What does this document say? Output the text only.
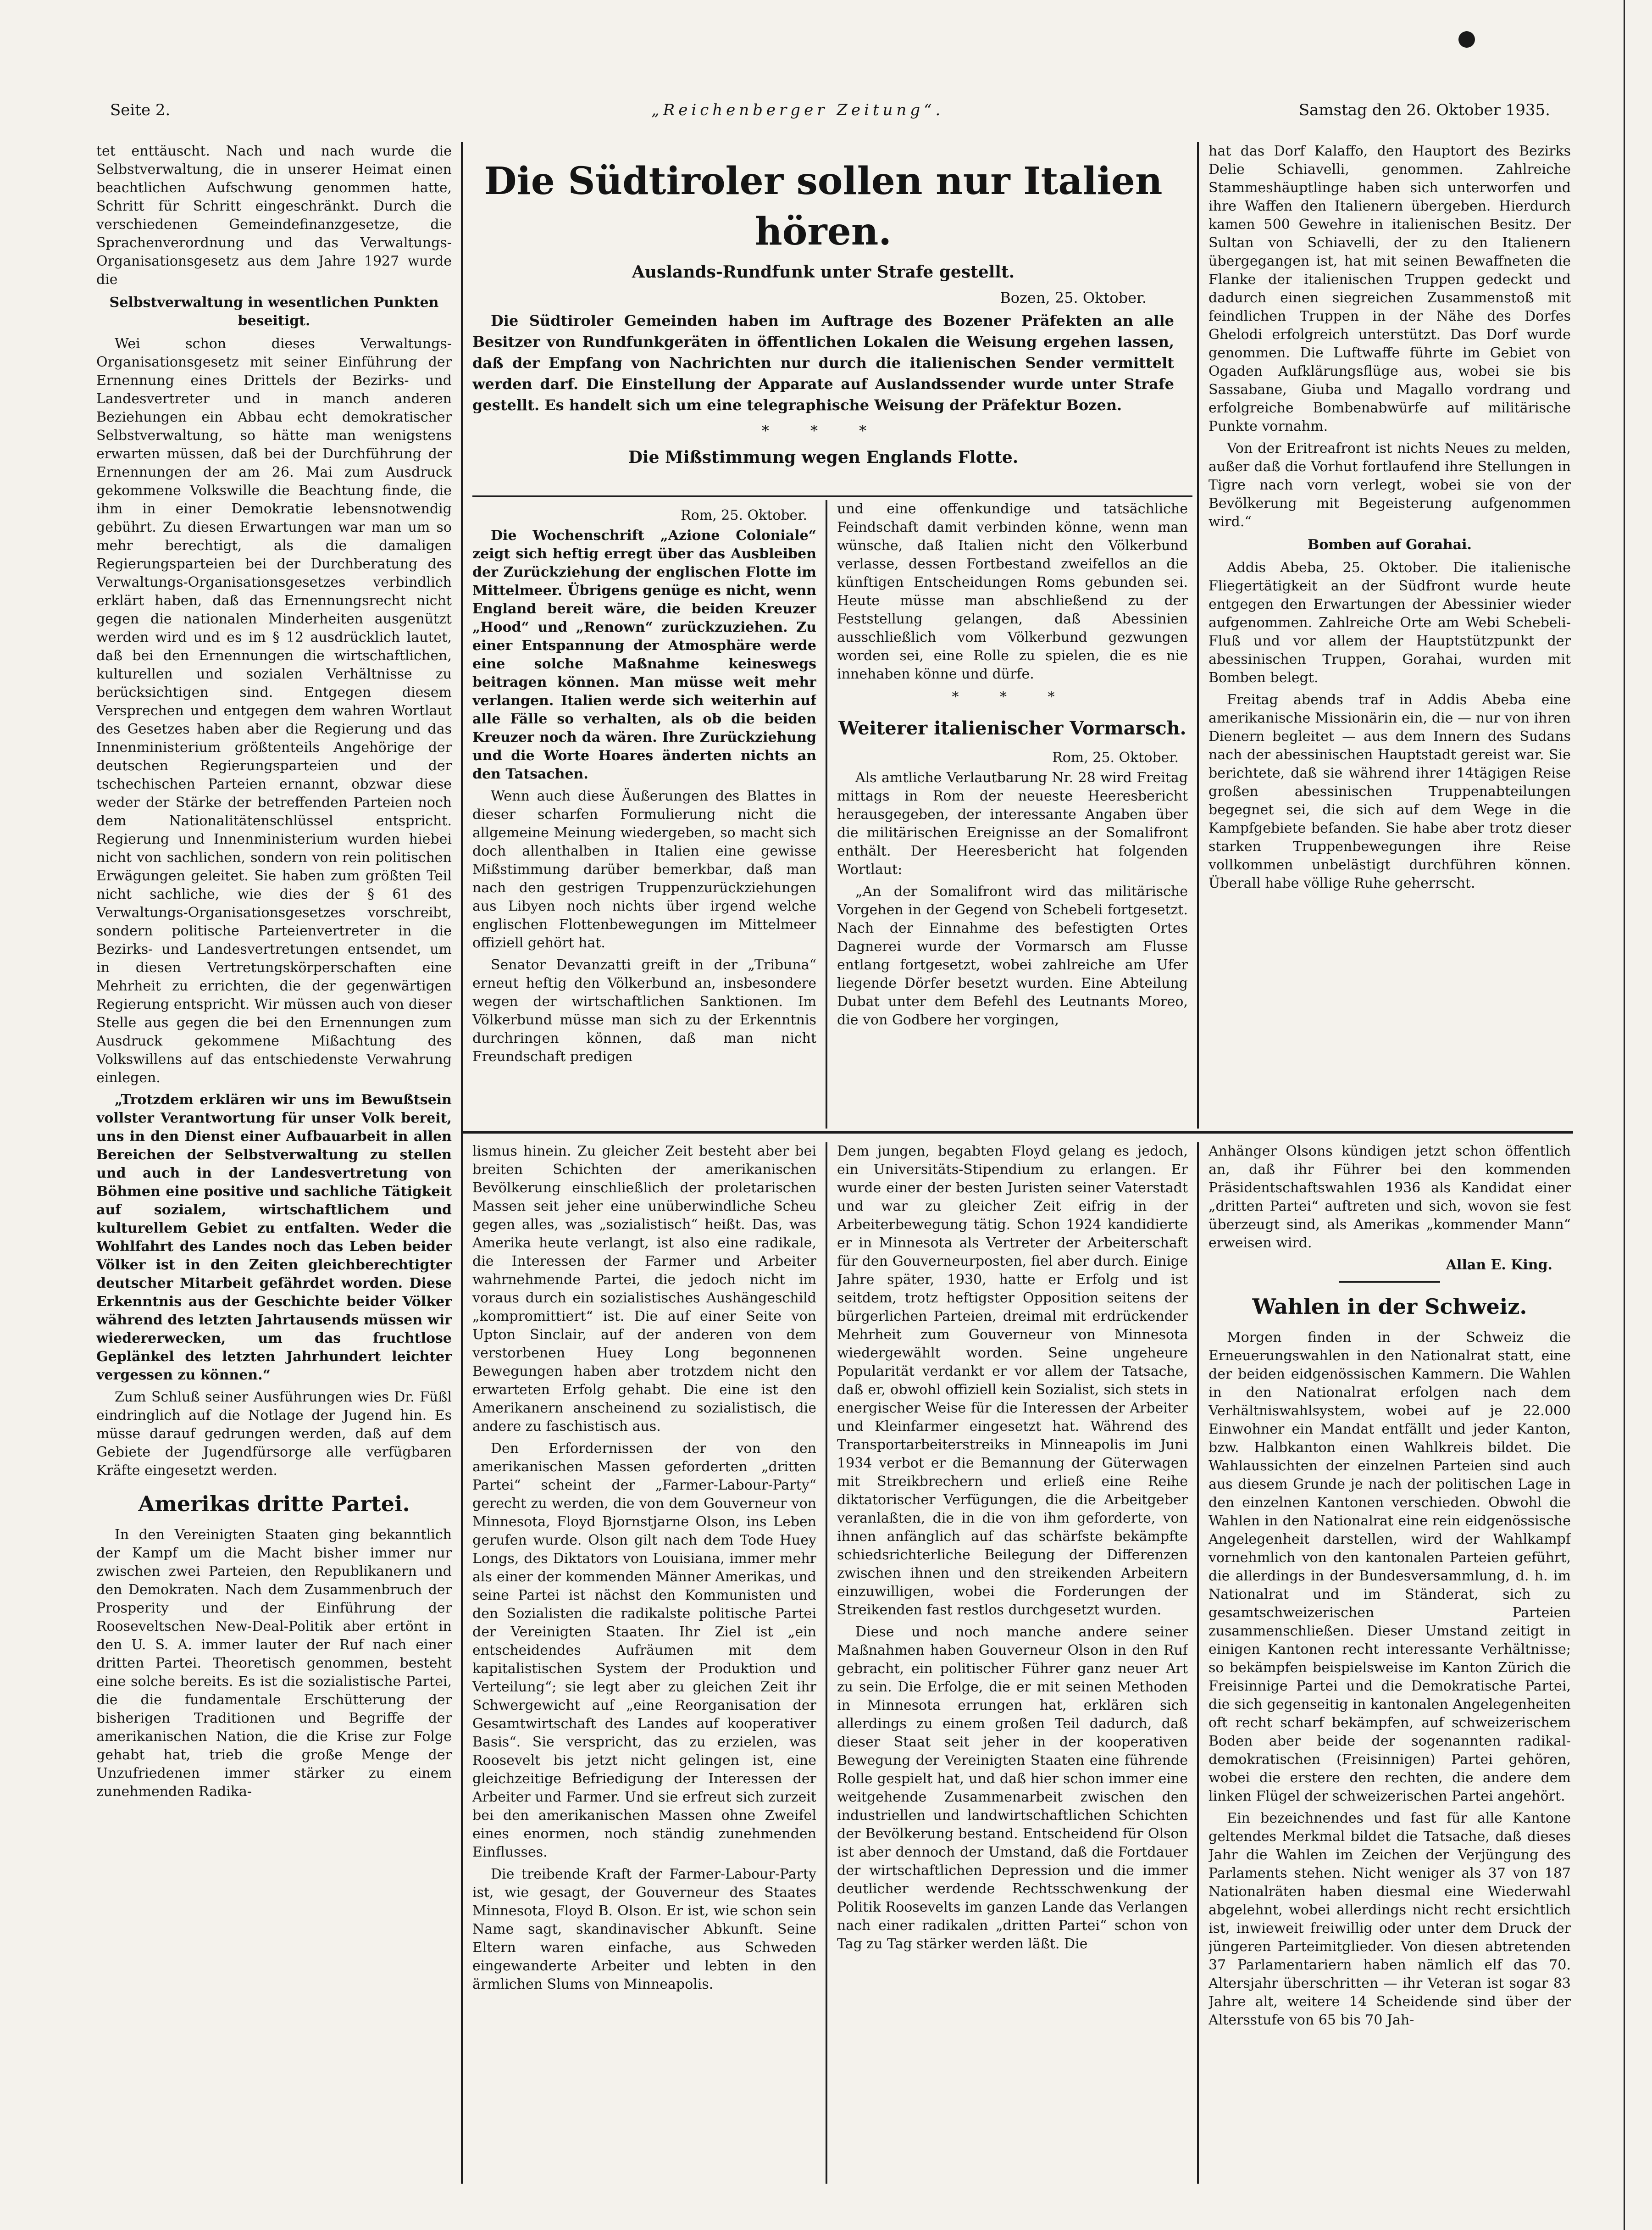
Seite 2.	„Reichenberger Zeitung“.	Samstag den 26. Oktober 1935.

tet enttäuscht. Nach und nach wurde die Selbstverwaltung, die in unserer Heimat einen beachtlichen Aufschwung genommen hatte, Schritt für Schritt eingeschränkt. Durch die verschiedenen Gemeindefinanzgesetze, die Sprachenverordnung und das Verwaltungs-Organisationsgesetz aus dem Jahre 1927 wurde die

Selbstverwaltung in wesentlichen Punkten beseitigt.

Wei schon dieses Verwaltungs-Organisationsgesetz mit seiner Einführung der Ernennung eines Drittels der Bezirks- und Landesvertreter und in manch anderen Beziehungen ein Abbau echt demokratischer Selbstverwaltung, so hätte man wenigstens erwarten müssen, daß bei der Durchführung der Ernennungen der am 26. Mai zum Ausdruck gekommene Volkswille die Beachtung finde, die ihm in einer Demokratie lebensnotwendig gebührt. Zu diesen Erwartungen war man um so mehr berechtigt, als die damaligen Regierungsparteien bei der Durchberatung des Verwaltungs-Organisationsgesetzes verbindlich erklärt haben, daß das Ernennungsrecht nicht gegen die nationalen Minderheiten ausgenützt werden wird und es im § 12 ausdrücklich lautet, daß bei den Ernennungen die wirtschaftlichen, kulturellen und sozialen Verhältnisse zu berücksichtigen sind. Entgegen diesem Versprechen und entgegen dem wahren Wortlaut des Gesetzes haben aber die Regierung und das Innenministerium größtenteils Angehörige der deutschen Regierungsparteien und der tschechischen Parteien ernannt, obzwar diese weder der Stärke der betreffenden Parteien noch dem Nationalitätenschlüssel entspricht. Regierung und Innenministerium wurden hiebei nicht von sachlichen, sondern von rein politischen Erwägungen geleitet. Sie haben zum größten Teil nicht sachliche, wie dies der § 61 des Verwaltungs-Organisationsgesetzes vorschreibt, sondern politische Parteienvertreter in die Bezirks- und Landesvertretungen entsendet, um in diesen Vertretungskörperschaften eine Mehrheit zu errichten, die der gegenwärtigen Regierung entspricht. Wir müssen auch von dieser Stelle aus gegen die bei den Ernennungen zum Ausdruck gekommene Mißachtung des Volkswillens auf das entschiedenste Verwahrung einlegen.

„Trotzdem erklären wir uns im Bewußtsein vollster Verantwortung für unser Volk bereit, uns in den Dienst einer Aufbauarbeit in allen Bereichen der Selbstverwaltung zu stellen und auch in der Landesvertretung von Böhmen eine positive und sachliche Tätigkeit auf sozialem, wirtschaftlichem und kulturellem Gebiet zu entfalten. Weder die Wohlfahrt des Landes noch das Leben beider Völker ist in den Zeiten gleichberechtigter deutscher Mitarbeit gefährdet worden. Diese Erkenntnis aus der Geschichte beider Völker während des letzten Jahrtausends müssen wir wiedererwecken, um das fruchtlose Geplänkel des letzten Jahrhundert leichter vergessen zu können.“

Zum Schluß seiner Ausführungen wies Dr. Füßl eindringlich auf die Notlage der Jugend hin. Es müsse darauf gedrungen werden, daß auf dem Gebiete der Jugendfürsorge alle verfügbaren Kräfte eingesetzt werden.

Amerikas dritte Partei.

In den Vereinigten Staaten ging bekanntlich der Kampf um die Macht bisher immer nur zwischen zwei Parteien, den Republikanern und den Demokraten. Nach dem Zusammenbruch der Prosperity und der Einführung der Rooseveltschen New-Deal-Politik aber ertönt in den U. S. A. immer lauter der Ruf nach einer dritten Partei. Theoretisch genommen, besteht eine solche bereits. Es ist die sozialistische Partei, die die fundamentale Erschütterung der bisherigen Traditionen und Begriffe der amerikanischen Nation, die die Krise zur Folge gehabt hat, trieb die große Menge der Unzufriedenen immer stärker zu einem zunehmenden Radika-

Die Südtiroler sollen nur Italien hören.
Auslands-Rundfunk unter Strafe gestellt.
Bozen, 25. Oktober.

Die Südtiroler Gemeinden haben im Auftrage des Bozener Präfekten an alle Besitzer von Rundfunkgeräten in öffentlichen Lokalen die Weisung ergehen lassen, daß der Empfang von Nachrichten nur durch die italienischen Sender vermittelt werden darf. Die Einstellung der Apparate auf Auslandssender wurde unter Strafe gestellt. Es handelt sich um eine telegraphische Weisung der Präfektur Bozen.

* * *
Die Mißstimmung wegen Englands Flotte.
Rom, 25. Oktober.

Die Wochenschrift „Azione Coloniale“ zeigt sich heftig erregt über das Ausbleiben der Zurückziehung der englischen Flotte im Mittelmeer. Übrigens genüge es nicht, wenn England bereit wäre, die beiden Kreuzer „Hood“ und „Renown“ zurückzuziehen. Zu einer Entspannung der Atmosphäre werde eine solche Maßnahme keineswegs beitragen können. Man müsse weit mehr verlangen. Italien werde sich weiterhin auf alle Fälle so verhalten, als ob die beiden Kreuzer noch da wären. Ihre Zurückziehung und die Worte Hoares änderten nichts an den Tatsachen.

Wenn auch diese Äußerungen des Blattes in dieser scharfen Formulierung nicht die allgemeine Meinung wiedergeben, so macht sich doch allenthalben in Italien eine gewisse Mißstimmung darüber bemerkbar, daß man nach den gestrigen Truppenzurückziehungen aus Libyen noch nichts über irgend welche englischen Flottenbewegungen im Mittelmeer offiziell gehört hat.

Senator Devanzatti greift in der „Tribuna“ erneut heftig den Völkerbund an, insbesondere wegen der wirtschaftlichen Sanktionen. Im Völkerbund müsse man sich zu der Erkenntnis durchringen können, daß man nicht Freundschaft predigen

und eine offenkundige und tatsächliche Feindschaft damit verbinden könne, wenn man wünsche, daß Italien nicht den Völkerbund verlasse, dessen Fortbestand zweifellos an die künftigen Entscheidungen Roms gebunden sei. Heute müsse man abschließend zu der Feststellung gelangen, daß Abessinien ausschließlich vom Völkerbund gezwungen worden sei, eine Rolle zu spielen, die es nie innehaben könne und dürfe.

* * *
Weiterer italienischer Vormarsch.
Rom, 25. Oktober.

Als amtliche Verlautbarung Nr. 28 wird Freitag mittags in Rom der neueste Heeresbericht herausgegeben, der interessante Angaben über die militärischen Ereignisse an der Somalifront enthält. Der Heeresbericht hat folgenden Wortlaut:

„An der Somalifront wird das militärische Vorgehen in der Gegend von Schebeli fortgesetzt. Nach der Einnahme des befestigten Ortes Dagnerei wurde der Vormarsch am Flusse entlang fortgesetzt, wobei zahlreiche am Ufer liegende Dörfer besetzt wurden. Eine Abteilung Dubat unter dem Befehl des Leutnants Moreo, die von Godbere her vorgingen,

hat das Dorf Kalaffo, den Hauptort des Bezirks Delie Schiavelli, genommen. Zahlreiche Stammeshäuptlinge haben sich unterworfen und ihre Waffen den Italienern übergeben. Hierdurch kamen 500 Gewehre in italienischen Besitz. Der Sultan von Schiavelli, der zu den Italienern übergegangen ist, hat mit seinen Bewaffneten die Flanke der italienischen Truppen gedeckt und dadurch einen siegreichen Zusammenstoß mit feindlichen Truppen in der Nähe des Dorfes Ghelodi erfolgreich unterstützt. Das Dorf wurde genommen. Die Luftwaffe führte im Gebiet von Ogaden Aufklärungsflüge aus, wobei sie bis Sassabane, Giuba und Magallo vordrang und erfolgreiche Bombenabwürfe auf militärische Punkte vornahm.

Von der Eritreafront ist nichts Neues zu melden, außer daß die Vorhut fortlaufend ihre Stellungen in Tigre nach vorn verlegt, wobei sie von der Bevölkerung mit Begeisterung aufgenommen wird.“

Bomben auf Gorahai.

Addis Abeba, 25. Oktober. Die italienische Fliegertätigkeit an der Südfront wurde heute entgegen den Erwartungen der Abessinier wieder aufgenommen. Zahlreiche Orte am Webi Schebeli-Fluß und vor allem der Hauptstützpunkt der abessinischen Truppen, Gorahai, wurden mit Bomben belegt.

Freitag abends traf in Addis Abeba eine amerikanische Missionärin ein, die — nur von ihren Dienern begleitet — aus dem Innern des Sudans nach der abessinischen Hauptstadt gereist war. Sie berichtete, daß sie während ihrer 14tägigen Reise großen abessinischen Truppenabteilungen begegnet sei, die sich auf dem Wege in die Kampfgebiete befanden. Sie habe aber trotz dieser starken Truppenbewegungen ihre Reise vollkommen unbelästigt durchführen können. Überall habe völlige Ruhe geherrscht.

lismus hinein. Zu gleicher Zeit besteht aber bei breiten Schichten der amerikanischen Bevölkerung einschließlich der proletarischen Massen seit jeher eine unüberwindliche Scheu gegen alles, was „sozialistisch“ heißt. Das, was Amerika heute verlangt, ist also eine radikale, die Interessen der Farmer und Arbeiter wahrnehmende Partei, die jedoch nicht im voraus durch ein sozialistisches Aushängeschild „kompromittiert“ ist. Die auf einer Seite von Upton Sinclair, auf der anderen von dem verstorbenen Huey Long begonnenen Bewegungen haben aber trotzdem nicht den erwarteten Erfolg gehabt. Die eine ist den Amerikanern anscheinend zu sozialistisch, die andere zu faschistisch aus.

Den Erfordernissen der von den amerikanischen Massen geforderten „dritten Partei“ scheint der „Farmer-Labour-Party“ gerecht zu werden, die von dem Gouverneur von Minnesota, Floyd Bjornstjarne Olson, ins Leben gerufen wurde. Olson gilt nach dem Tode Huey Longs, des Diktators von Louisiana, immer mehr als einer der kommenden Männer Amerikas, und seine Partei ist nächst den Kommunisten und den Sozialisten die radikalste politische Partei der Vereinigten Staaten. Ihr Ziel ist „ein entscheidendes Aufräumen mit dem kapitalistischen System der Produktion und Verteilung“; sie legt aber zu gleichen Zeit ihr Schwergewicht auf „eine Reorganisation der Gesamtwirtschaft des Landes auf kooperativer Basis“. Sie verspricht, das zu erzielen, was Roosevelt bis jetzt nicht gelingen ist, eine gleichzeitige Befriedigung der Interessen der Arbeiter und Farmer. Und sie erfreut sich zurzeit bei den amerikanischen Massen ohne Zweifel eines enormen, noch ständig zunehmenden Einflusses.

Die treibende Kraft der Farmer-Labour-Party ist, wie gesagt, der Gouverneur des Staates Minnesota, Floyd B. Olson. Er ist, wie schon sein Name sagt, skandinavischer Abkunft. Seine Eltern waren einfache, aus Schweden eingewanderte Arbeiter und lebten in den ärmlichen Slums von Minneapolis.

Dem jungen, begabten Floyd gelang es jedoch, ein Universitäts-Stipendium zu erlangen. Er wurde einer der besten Juristen seiner Vaterstadt und war zu gleicher Zeit eifrig in der Arbeiterbewegung tätig. Schon 1924 kandidierte er in Minnesota als Vertreter der Arbeiterschaft für den Gouverneurposten, fiel aber durch. Einige Jahre später, 1930, hatte er Erfolg und ist seitdem, trotz heftigster Opposition seitens der bürgerlichen Parteien, dreimal mit erdrückender Mehrheit zum Gouverneur von Minnesota wiedergewählt worden. Seine ungeheure Popularität verdankt er vor allem der Tatsache, daß er, obwohl offiziell kein Sozialist, sich stets in energischer Weise für die Interessen der Arbeiter und Kleinfarmer eingesetzt hat. Während des Transportarbeiterstreiks in Minneapolis im Juni 1934 verbot er die Bemannung der Güterwagen mit Streikbrechern und erließ eine Reihe diktatorischer Verfügungen, die die Arbeitgeber veranlaßten, die in die von ihm geforderte, von ihnen anfänglich auf das schärfste bekämpfte schiedsrichterliche Beilegung der Differenzen zwischen ihnen und den streikenden Arbeitern einzuwilligen, wobei die Forderungen der Streikenden fast restlos durchgesetzt wurden.

Diese und noch manche andere seiner Maßnahmen haben Gouverneur Olson in den Ruf gebracht, ein politischer Führer ganz neuer Art zu sein. Die Erfolge, die er mit seinen Methoden in Minnesota errungen hat, erklären sich allerdings zu einem großen Teil dadurch, daß dieser Staat seit jeher in der kooperativen Bewegung der Vereinigten Staaten eine führende Rolle gespielt hat, und daß hier schon immer eine weitgehende Zusammenarbeit zwischen den industriellen und landwirtschaftlichen Schichten der Bevölkerung bestand. Entscheidend für Olson ist aber dennoch der Umstand, daß die Fortdauer der wirtschaftlichen Depression und die immer deutlicher werdende Rechtsschwenkung der Politik Roosevelts im ganzen Lande das Verlangen nach einer radikalen „dritten Partei“ schon von Tag zu Tag stärker werden läßt. Die

Anhänger Olsons kündigen jetzt schon öffentlich an, daß ihr Führer bei den kommenden Präsidentschaftswahlen 1936 als Kandidat einer „dritten Partei“ auftreten und sich, wovon sie fest überzeugt sind, als Amerikas „kommender Mann“ erweisen wird.

Allan E. King.
Wahlen in der Schweiz.

Morgen finden in der Schweiz die Erneuerungswahlen in den Nationalrat statt, eine der beiden eidgenössischen Kammern. Die Wahlen in den Nationalrat erfolgen nach dem Verhältniswahlsystem, wobei auf je 22.000 Einwohner ein Mandat entfällt und jeder Kanton, bzw. Halbkanton einen Wahlkreis bildet. Die Wahlaussichten der einzelnen Parteien sind auch aus diesem Grunde je nach der politischen Lage in den einzelnen Kantonen verschieden. Obwohl die Wahlen in den Nationalrat eine rein eidgenössische Angelegenheit darstellen, wird der Wahlkampf vornehmlich von den kantonalen Parteien geführt, die allerdings in der Bundesversammlung, d. h. im Nationalrat und im Ständerat, sich zu gesamtschweizerischen Parteien zusammenschließen. Dieser Umstand zeitigt in einigen Kantonen recht interessante Verhältnisse; so bekämpfen beispielsweise im Kanton Zürich die Freisinnige Partei und die Demokratische Partei, die sich gegenseitig in kantonalen Angelegenheiten oft recht scharf bekämpfen, auf schweizerischem Boden aber beide der sogenannten radikal-demokratischen (Freisinnigen) Partei gehören, wobei die erstere den rechten, die andere dem linken Flügel der schweizerischen Partei angehört.

Ein bezeichnendes und fast für alle Kantone geltendes Merkmal bildet die Tatsache, daß dieses Jahr die Wahlen im Zeichen der Verjüngung des Parlaments stehen. Nicht weniger als 37 von 187 Nationalräten haben diesmal eine Wiederwahl abgelehnt, wobei allerdings nicht recht ersichtlich ist, inwieweit freiwillig oder unter dem Druck der jüngeren Parteimitglieder. Von diesen abtretenden 37 Parlamentariern haben nämlich elf das 70. Altersjahr überschritten — ihr Veteran ist sogar 83 Jahre alt, weitere 14 Scheidende sind über der Altersstufe von 65 bis 70 Jah-
